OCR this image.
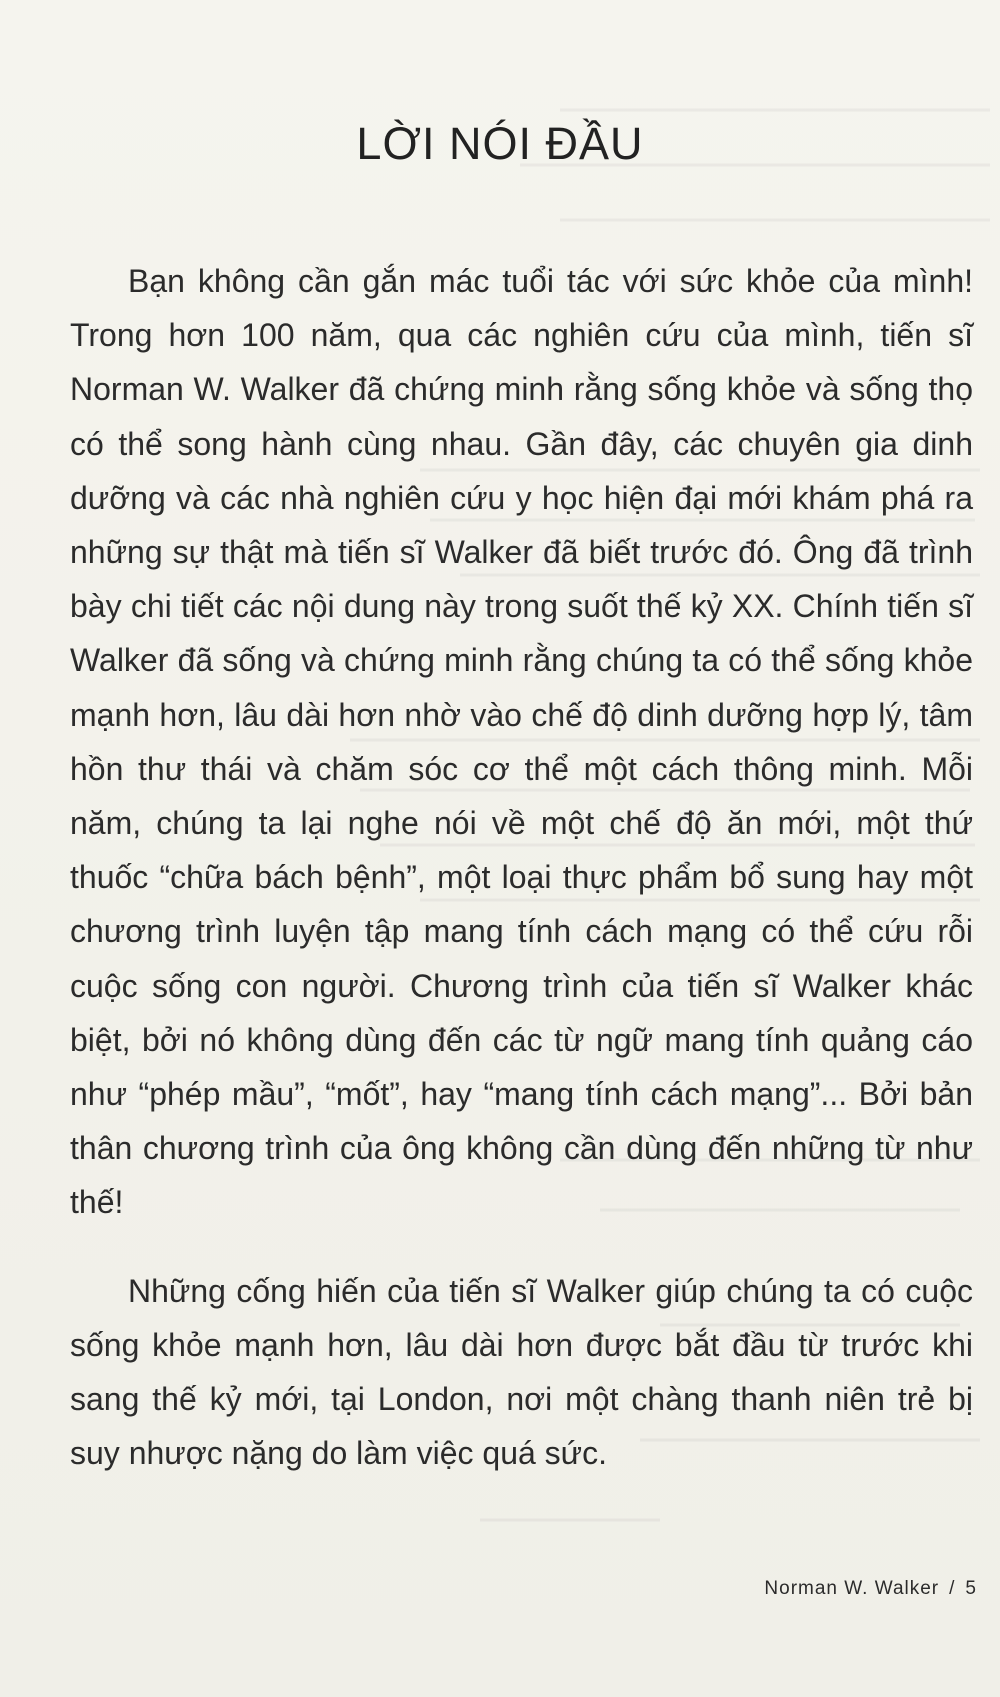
LỜI NÓI ĐẦU

Bạn không cần gắn mác tuổi tác với sức khỏe của mình! Trong hơn 100 năm, qua các nghiên cứu của mình, tiến sĩ Norman W. Walker đã chứng minh rằng sống khỏe và sống thọ có thể song hành cùng nhau. Gần đây, các chuyên gia dinh dưỡng và các nhà nghiên cứu y học hiện đại mới khám phá ra những sự thật mà tiến sĩ Walker đã biết trước đó. Ông đã trình bày chi tiết các nội dung này trong suốt thế kỷ XX. Chính tiến sĩ Walker đã sống và chứng minh rằng chúng ta có thể sống khỏe mạnh hơn, lâu dài hơn nhờ vào chế độ dinh dưỡng hợp lý, tâm hồn thư thái và chăm sóc cơ thể một cách thông minh. Mỗi năm, chúng ta lại nghe nói về một chế độ ăn mới, một thứ thuốc “chữa bách bệnh”, một loại thực phẩm bổ sung hay một chương trình luyện tập mang tính cách mạng có thể cứu rỗi cuộc sống con người. Chương trình của tiến sĩ Walker khác biệt, bởi nó không dùng đến các từ ngữ mang tính quảng cáo như “phép mầu”, “mốt”, hay “mang tính cách mạng”... Bởi bản thân chương trình của ông không cần dùng đến những từ như thế!

Những cống hiến của tiến sĩ Walker giúp chúng ta có cuộc sống khỏe mạnh hơn, lâu dài hơn được bắt đầu từ trước khi sang thế kỷ mới, tại London, nơi một chàng thanh niên trẻ bị suy nhược nặng do làm việc quá sức.

Norman W. Walker / 5
